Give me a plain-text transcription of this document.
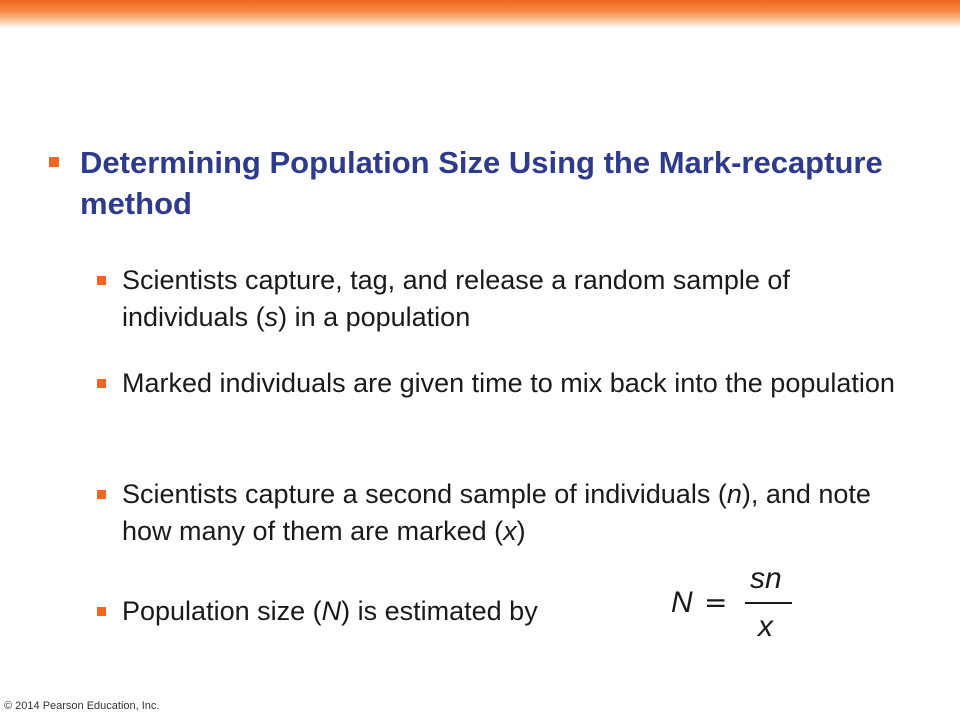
Determining Population Size Using the Mark-recapture method
Scientists capture, tag, and release a random sample of individuals (s) in a population
Marked individuals are given time to mix back into the population
Scientists capture a second sample of individuals (n), and note how many of them are marked (x)
Population size (N) is estimated by	N =
sn
x
© 2014 Pearson Education, Inc.
